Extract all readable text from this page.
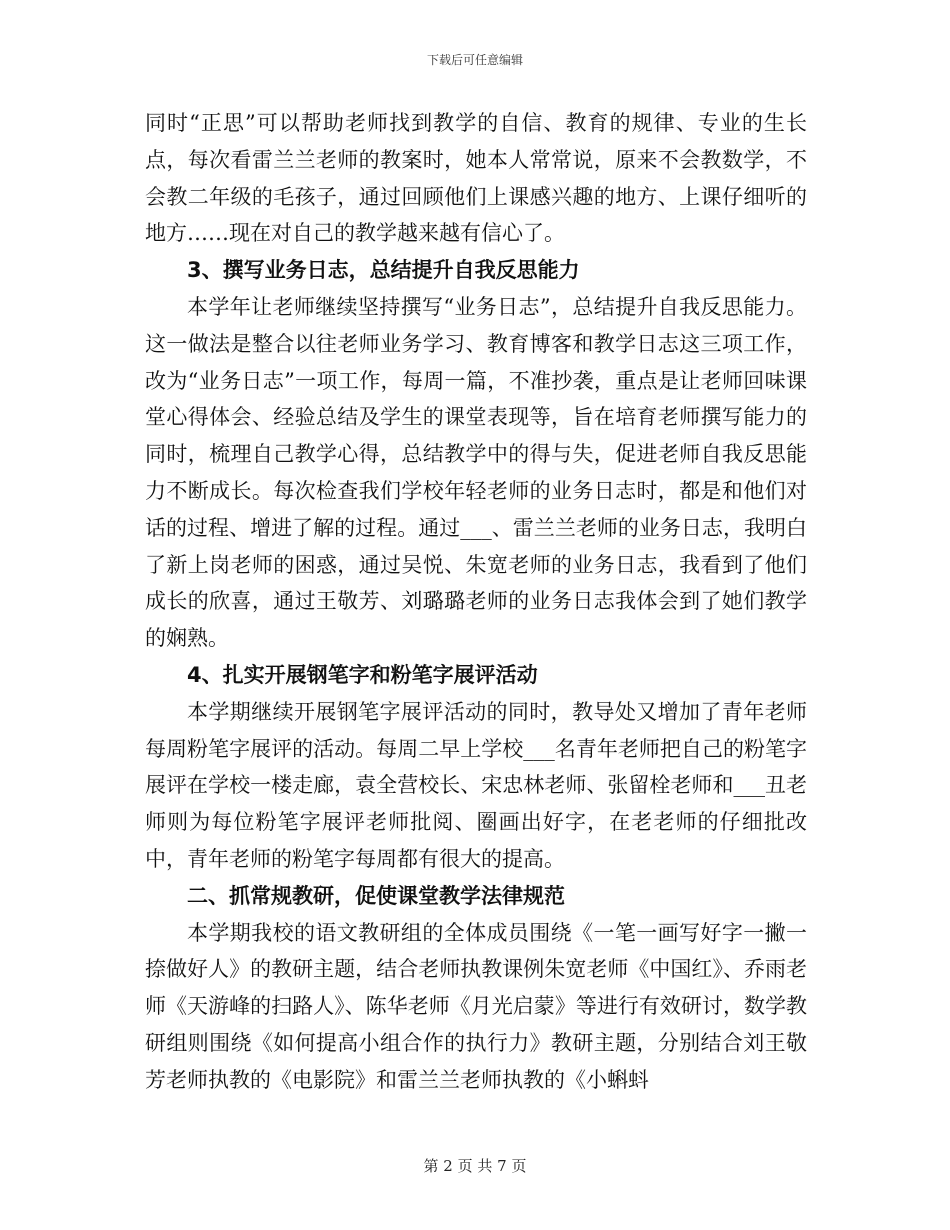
下载后可任意编辑

同时“正思”可以帮助老师找到教学的自信、教育的规律、专业的生长点，每次看雷兰兰老师的教案时，她本人常常说，原来不会教数学，不会教二年级的毛孩子，通过回顾他们上课感兴趣的地方、上课仔细听的地方……现在对自己的教学越来越有信心了。

3、撰写业务日志，总结提升自我反思能力

本学年让老师继续坚持撰写“业务日志”，总结提升自我反思能力。这一做法是整合以往老师业务学习、教育博客和教学日志这三项工作，改为“业务日志”一项工作，每周一篇，不准抄袭，重点是让老师回味课堂心得体会、经验总结及学生的课堂表现等，旨在培育老师撰写能力的同时，梳理自己教学心得，总结教学中的得与失，促进老师自我反思能力不断成长。每次检查我们学校年轻老师的业务日志时，都是和他们对话的过程、增进了解的过程。通过___、雷兰兰老师的业务日志，我明白了新上岗老师的困惑，通过吴悦、朱宽老师的业务日志，我看到了他们成长的欣喜，通过王敬芳、刘璐璐老师的业务日志我体会到了她们教学的娴熟。

4、扎实开展钢笔字和粉笔字展评活动

本学期继续开展钢笔字展评活动的同时，教导处又增加了青年老师每周粉笔字展评的活动。每周二早上学校___名青年老师把自己的粉笔字展评在学校一楼走廊，袁全营校长、宋忠林老师、张留栓老师和___丑老师则为每位粉笔字展评老师批阅、圈画出好字，在老老师的仔细批改中，青年老师的粉笔字每周都有很大的提高。

二、抓常规教研，促使课堂教学法律规范

本学期我校的语文教研组的全体成员围绕《一笔一画写好字一撇一捺做好人》的教研主题，结合老师执教课例朱宽老师《中国红》、乔雨老师《天游峰的扫路人》、陈华老师《月光启蒙》等进行有效研讨，数学教研组则围绕《如何提高小组合作的执行力》教研主题，分别结合刘王敬芳老师执教的《电影院》和雷兰兰老师执教的《小蝌蚪

第 2 页 共 7 页
